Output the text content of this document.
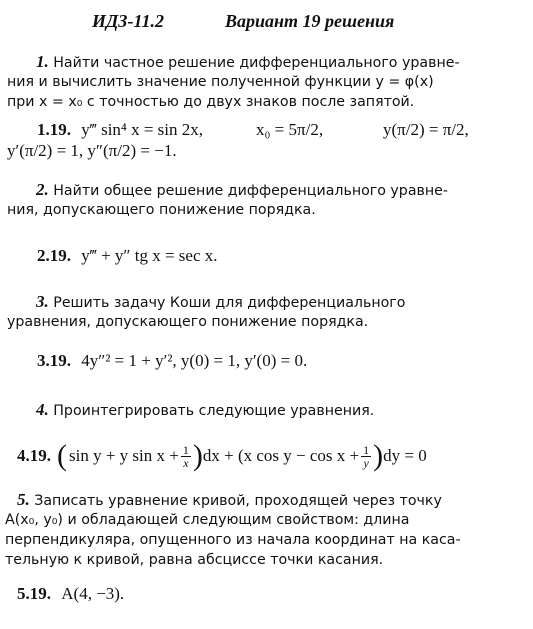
ИДЗ-11.2	Вариант 19 решения
1. Найти частное решение дифференциального уравне-
ния и вычислить значение полученной функции y = φ(x)
при x = x₀ с точностью до двух знаков после запятой.
1.19. y‴ sin⁴ x = sin 2x,	x₀ = 5π/2,	y(π/2) = π/2,
y′(π/2) = 1, y″(π/2) = −1.
2. Найти общее решение дифференциального уравне-
ния, допускающего понижение порядка.
2.19. y‴ + y″ tg x = sec x.
3. Решить задачу Коши для дифференциального
уравнения, допускающего понижение порядка.
3.19. 4y″² = 1 + y′², y(0) = 1, y′(0) = 0.
4. Проинтегрировать следующие уравнения.
4.19. ( sin y + y $\sin x + \frac{1}{x}$ ) dx + (x $\cos y - \cos x + \frac{1}{y}$ ) dy = 0
5. Записать уравнение кривой, проходящей через точку
A(x₀, y₀) и обладающей следующим свойством: длина
перпендикуляра, опущенного из начала координат на каса-
тельную к кривой, равна абсциссе точки касания.
5.19. A(4, −3).
